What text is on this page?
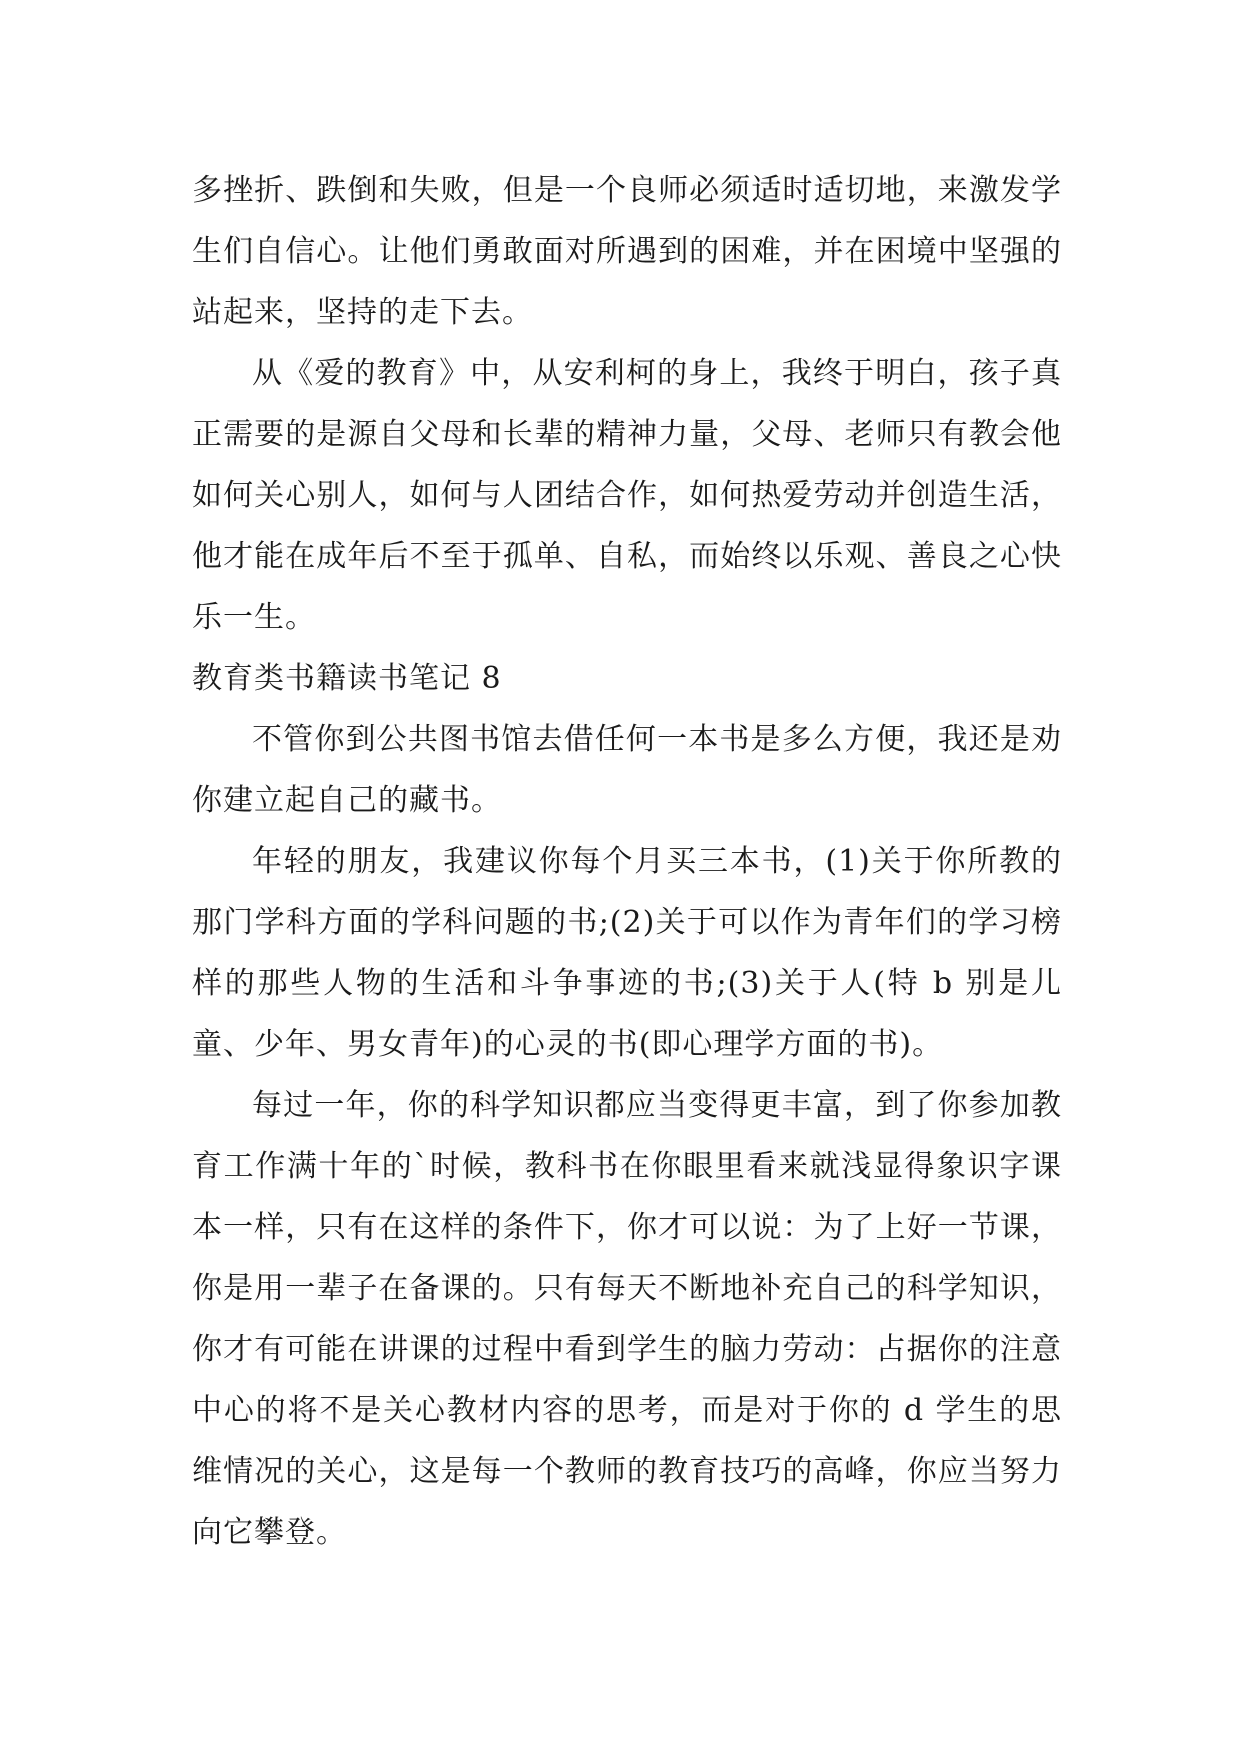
多挫折、跌倒和失败，但是一个良师必须适时适切地，来激发学生们自信心。让他们勇敢面对所遇到的困难，并在困境中坚强的站起来，坚持的走下去。

从《爱的教育》中，从安利柯的身上，我终于明白，孩子真正需要的是源自父母和长辈的精神力量，父母、老师只有教会他如何关心别人，如何与人团结合作，如何热爱劳动并创造生活，他才能在成年后不至于孤单、自私，而始终以乐观、善良之心快乐一生。

教育类书籍读书笔记 8

不管你到公共图书馆去借任何一本书是多么方便，我还是劝你建立起自己的藏书。

年轻的朋友，我建议你每个月买三本书，(1)关于你所教的那门学科方面的学科问题的书;(2)关于可以作为青年们的学习榜样的那些人物的生活和斗争事迹的书;(3)关于人(特 b 别是儿童、少年、男女青年)的心灵的书(即心理学方面的书)。

每过一年，你的科学知识都应当变得更丰富，到了你参加教育工作满十年的`时候，教科书在你眼里看来就浅显得象识字课本一样，只有在这样的条件下，你才可以说：为了上好一节课，你是用一辈子在备课的。只有每天不断地补充自己的科学知识，你才有可能在讲课的过程中看到学生的脑力劳动：占据你的注意中心的将不是关心教材内容的思考，而是对于你的 d 学生的思维情况的关心，这是每一个教师的教育技巧的高峰，你应当努力向它攀登。
